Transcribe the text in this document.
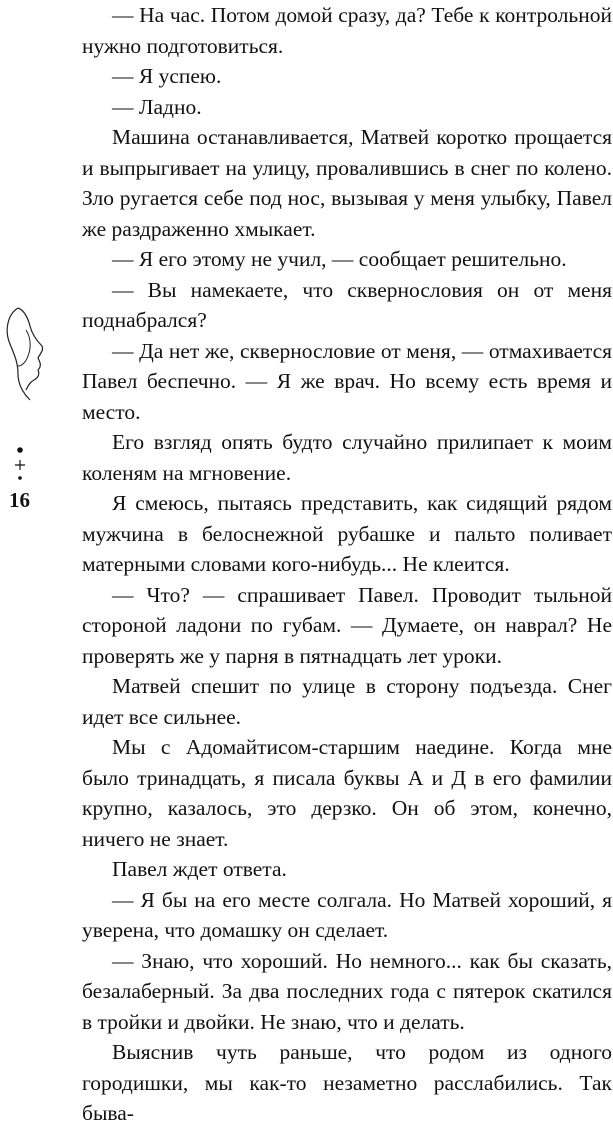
16

— На час. Потом домой сразу, да? Тебе к контрольной нужно подготовиться.

— Я успею.

— Ладно.

Машина останавливается, Матвей коротко прощается и выпрыгивает на улицу, провалившись в снег по колено. Зло ругается себе под нос, вызывая у меня улыбку, Павел же раздраженно хмыкает.

— Я его этому не учил, — сообщает решительно.

— Вы намекаете, что сквернословия он от меня поднабрался?

— Да нет же, сквернословие от меня, — отмахивается Павел беспечно. — Я же врач. Но всему есть время и место.

Его взгляд опять будто случайно прилипает к моим коленям на мгновение.

Я смеюсь, пытаясь представить, как сидящий рядом мужчина в белоснежной рубашке и пальто поливает матерными словами кого-нибудь... Не клеится.

— Что? — спрашивает Павел. Проводит тыльной стороной ладони по губам. — Думаете, он наврал? Не проверять же у парня в пятнадцать лет уроки.

Матвей спешит по улице в сторону подъезда. Снег идет все сильнее.

Мы с Адомайтисом-старшим наедине. Когда мне было тринадцать, я писала буквы А и Д в его фамилии крупно, казалось, это дерзко. Он об этом, конечно, ничего не знает.

Павел ждет ответа.

— Я бы на его месте солгала. Но Матвей хороший, я уверена, что домашку он сделает.

— Знаю, что хороший. Но немного... как бы сказать, безалаберный. За два последних года с пятерок скатился в тройки и двойки. Не знаю, что и делать.

Выяснив чуть раньше, что родом из одного городишки, мы как-то незаметно расслабились. Так быва-
